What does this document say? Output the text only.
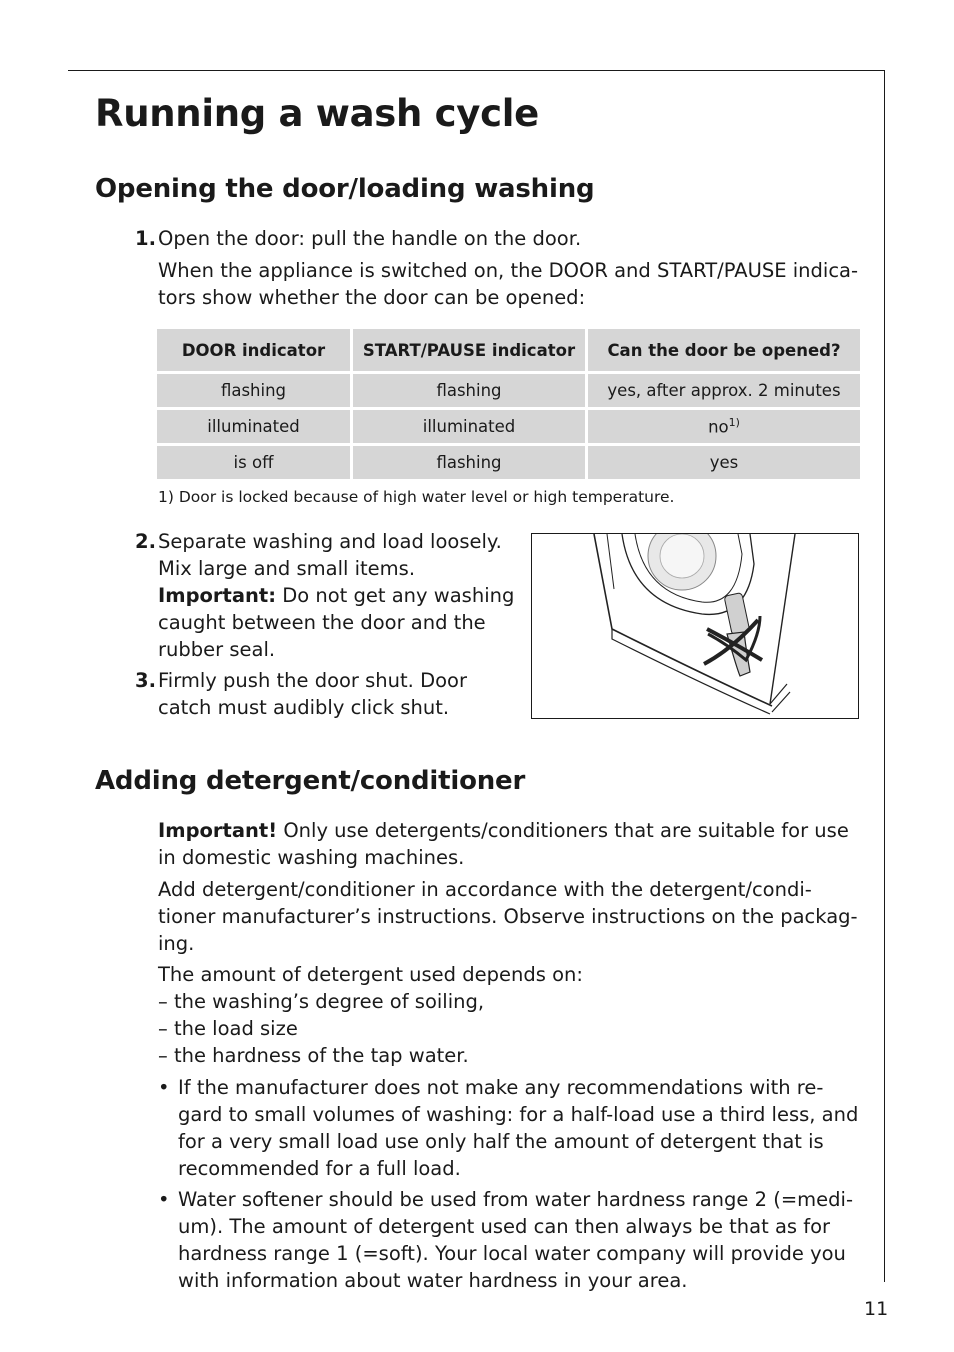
Running a wash cycle
Opening the door/loading washing
1. Open the door: pull the handle on the door.

When the appliance is switched on, the DOOR and START/PAUSE indica-

tors show whether the door can be opened:

DOOR indicator	START/PAUSE indicator	Can the door be opened?
flashing	flashing	yes, after approx. 2 minutes
illuminated	illuminated	$no^{1)}$
is off	flashing	yes
1) Door is locked because of high water level or high temperature.
2. Separate washing and load loosely.

Mix large and small items.

Important: Do not get any washing

caught between the door and the

rubber seal.

3. Firmly push the door shut. Door

catch must audibly click shut.

Adding detergent/conditioner

Important! Only use detergents/conditioners that are suitable for use

in domestic washing machines.

Add detergent/conditioner in accordance with the detergent/condi-

tioner manufacturer’s instructions. Observe instructions on the packag-

ing.

The amount of detergent used depends on:

– the washing’s degree of soiling,
– the load size
– the hardness of the tap water.
• If the manufacturer does not make any recommendations with re-
gard to small volumes of washing: for a half-load use a third less, and
for a very small load use only half the amount of detergent that is
recommended for a full load.
• Water softener should be used from water hardness range 2 (=medi-
um). The amount of detergent used can then always be that as for
hardness range 1 (=soft). Your local water company will provide you
with information about water hardness in your area.
11
